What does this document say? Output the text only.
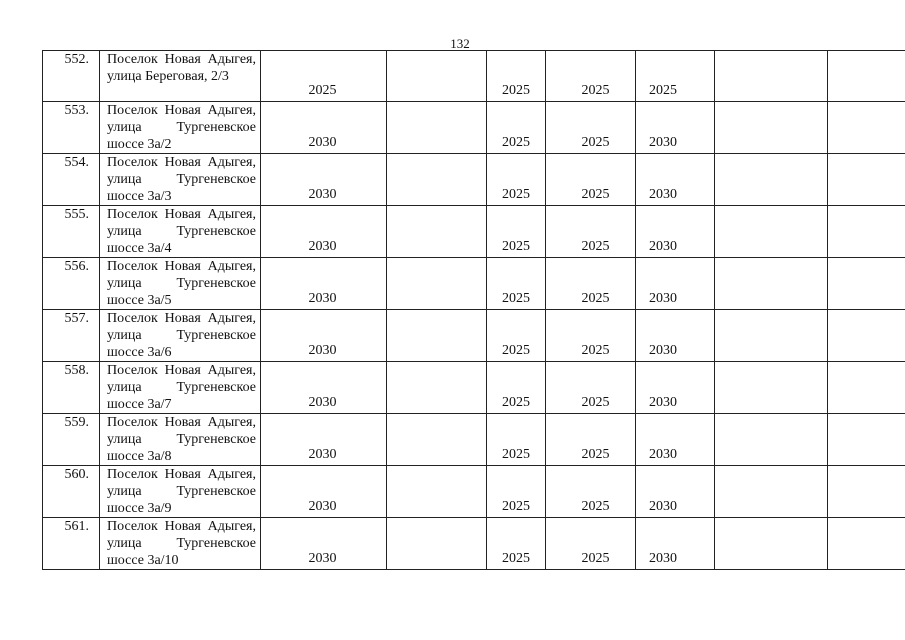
132
552.	Поселок Новая Адыгея, улица Береговая, 2/3	2025		2025	2025	2025		

553.	Поселок Новая Адыгея, улица Тургеневское шоссе 3а/2	2030		2025	2025	2030		

554.	Поселок Новая Адыгея, улица Тургеневское шоссе 3а/3	2030		2025	2025	2030		

555.	Поселок Новая Адыгея, улица Тургеневское шоссе 3а/4	2030		2025	2025	2030		

556.	Поселок Новая Адыгея, улица Тургеневское шоссе 3а/5	2030		2025	2025	2030		

557.	Поселок Новая Адыгея, улица Тургеневское шоссе 3а/6	2030		2025	2025	2030		

558.	Поселок Новая Адыгея, улица Тургеневское шоссе 3а/7	2030		2025	2025	2030		

559.	Поселок Новая Адыгея, улица Тургеневское шоссе 3а/8	2030		2025	2025	2030		

560.	Поселок Новая Адыгея, улица Тургеневское шоссе 3а/9	2030		2025	2025	2030		

561.	Поселок Новая Адыгея, улица Тургеневское шоссе 3а/10	2030		2025	2025	2030		
